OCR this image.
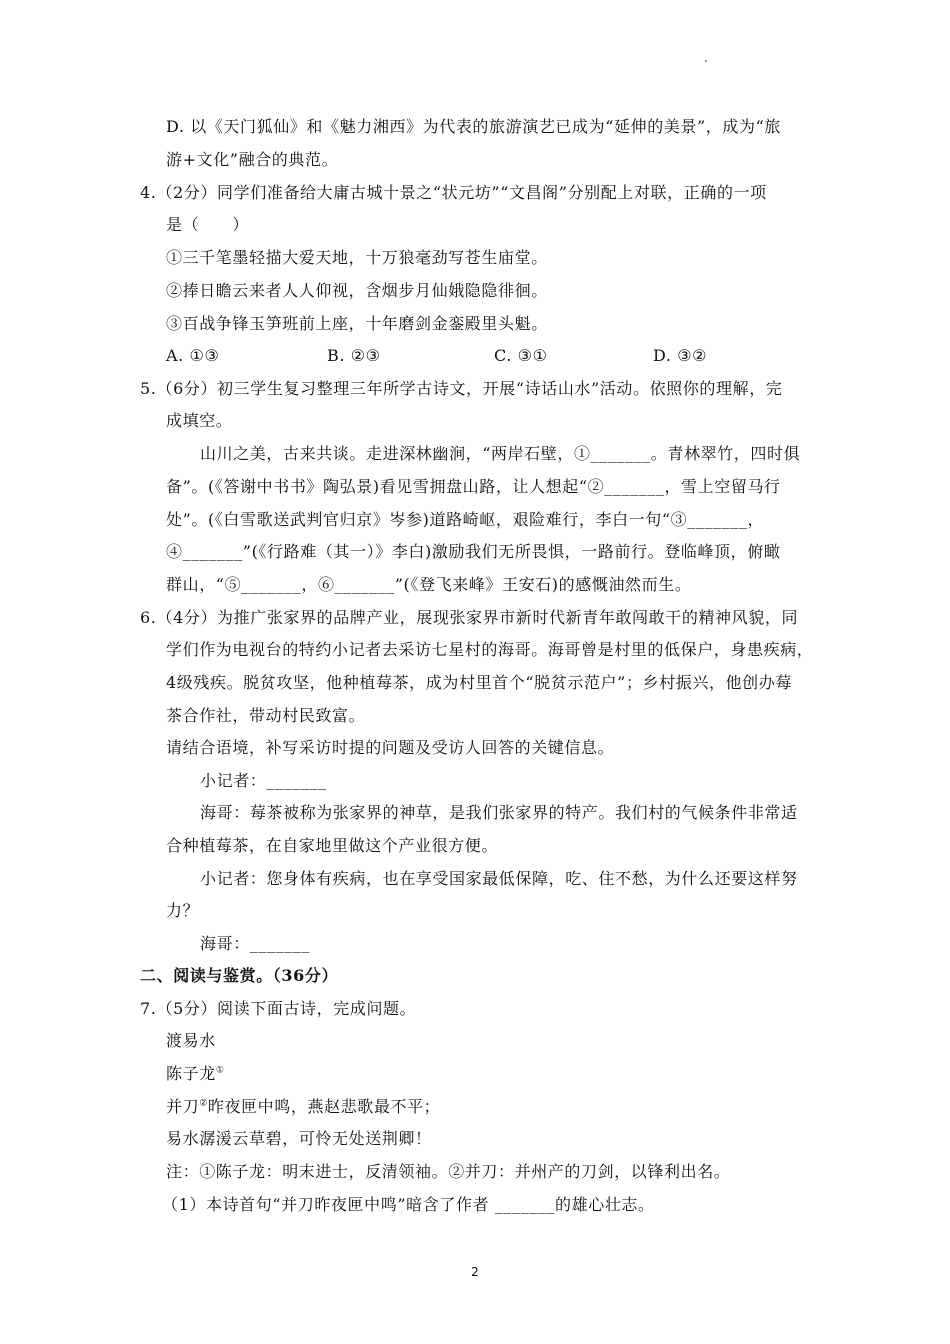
D. 以《天门狐仙》和《魅力湘西》为代表的旅游演艺已成为“延伸的美景”，成为“旅
游+文化”融合的典范。
4.（2分）同学们准备给大庸古城十景之“状元坊”“文昌阁”分别配上对联，正确的一项
是（　　）
①三千笔墨轻描大爱天地，十万狼毫劲写苍生庙堂。
②捧日瞻云来者人人仰视，含烟步月仙娥隐隐徘徊。
③百战争锋玉笋班前上座，十年磨剑金銮殿里头魁。
A. ①③	B. ②③	C. ③①	D. ③②
5.（6分）初三学生复习整理三年所学古诗文，开展“诗话山水”活动。依照你的理解，完
成填空。
山川之美，古来共谈。走进深林幽涧，“两岸石壁，①_______。青林翠竹，四时俱
备”。(《答谢中书书》陶弘景)看见雪拥盘山路，让人想起“②_______，雪上空留马行
处”。(《白雪歌送武判官归京》岑参)道路崎岖，艰险难行，李白一句“③_______，
④_______”(《行路难（其一）》李白)激励我们无所畏惧，一路前行。登临峰顶，俯瞰
群山，“⑤_______，⑥_______”(《登飞来峰》王安石)的感慨油然而生。
6.（4分）为推广张家界的品牌产业，展现张家界市新时代新青年敢闯敢干的精神风貌，同
学们作为电视台的特约小记者去采访七星村的海哥。海哥曾是村里的低保户，身患疾病，
4级残疾。脱贫攻坚，他种植莓茶，成为村里首个“脱贫示范户”；乡村振兴，他创办莓
茶合作社，带动村民致富。
请结合语境，补写采访时提的问题及受访人回答的关键信息。
小记者：_______
海哥：莓茶被称为张家界的神草，是我们张家界的特产。我们村的气候条件非常适
合种植莓茶，在自家地里做这个产业很方便。
小记者：您身体有疾病，也在享受国家最低保障，吃、住不愁，为什么还要这样努
力？
海哥：_______
二、阅读与鉴赏。（36分）
7.（5分）阅读下面古诗，完成问题。
渡易水
陈子龙①
并刀②昨夜匣中鸣，燕赵悲歌最不平；
易水潺湲云草碧，可怜无处送荆卿！
注：①陈子龙：明末进士，反清领袖。②并刀：并州产的刀剑，以锋利出名。
（1）本诗首句“并刀昨夜匣中鸣”暗含了作者 _______的雄心壮志。
2
